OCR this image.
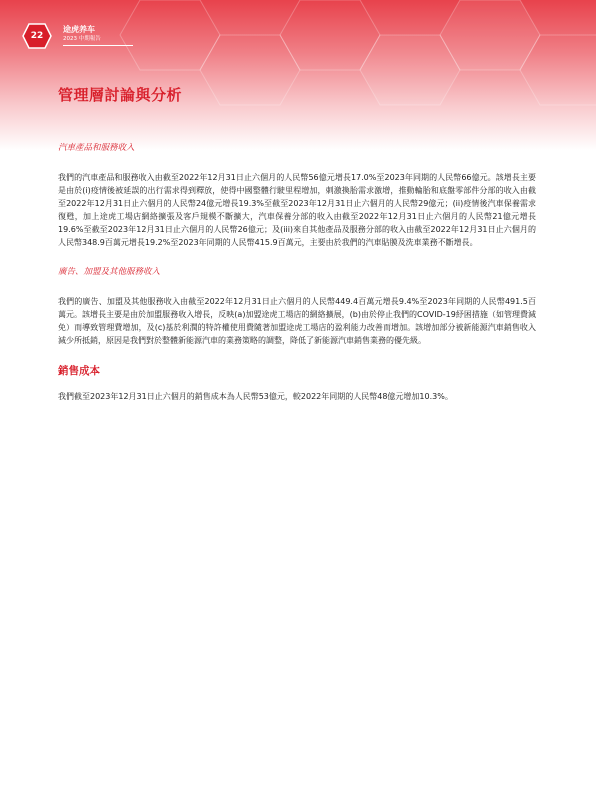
22
途虎养车
2023 中期報告
管理層討論與分析
汽車產品和服務收入

我們的汽車產品和服務收入由截至2022年12月31日止六個月的人民幣56億元增長17.0%至2023年同期的人民幣66億元。該增長主要是由於(i)疫情後被延誤的出行需求得到釋放，使得中國整體行駛里程增加，刺激換胎需求激增，推動輪胎和底盤零部件分部的收入由截至2022年12月31日止六個月的人民幣24億元增長19.3%至截至2023年12月31日止六個月的人民幣29億元；(ii)疫情後汽車保養需求復甦，加上途虎工場店網絡擴張及客戶規模不斷擴大，汽車保養分部的收入由截至2022年12月31日止六個月的人民幣21億元增長19.6%至截至2023年12月31日止六個月的人民幣26億元；及(iii)來自其他產品及服務分部的收入由截至2022年12月31日止六個月的人民幣348.9百萬元增長19.2%至2023年同期的人民幣415.9百萬元，主要由於我們的汽車貼膜及洗車業務不斷增長。

廣告、加盟及其他服務收入

我們的廣告、加盟及其他服務收入由截至2022年12月31日止六個月的人民幣449.4百萬元增長9.4%至2023年同期的人民幣491.5百萬元。該增長主要是由於加盟服務收入增長，反映(a)加盟途虎工場店的網絡擴展，(b)由於停止我們的COVID-19紓困措施（如管理費減免）而導致管理費增加，及(c)基於利潤的特許權使用費隨著加盟途虎工場店的盈利能力改善而增加。該增加部分被新能源汽車銷售收入減少所抵銷，原因是我們對於整體新能源汽車的業務策略的調整，降低了新能源汽車銷售業務的優先級。

銷售成本

我們截至2023年12月31日止六個月的銷售成本為人民幣53億元，較2022年同期的人民幣48億元增加10.3%。
